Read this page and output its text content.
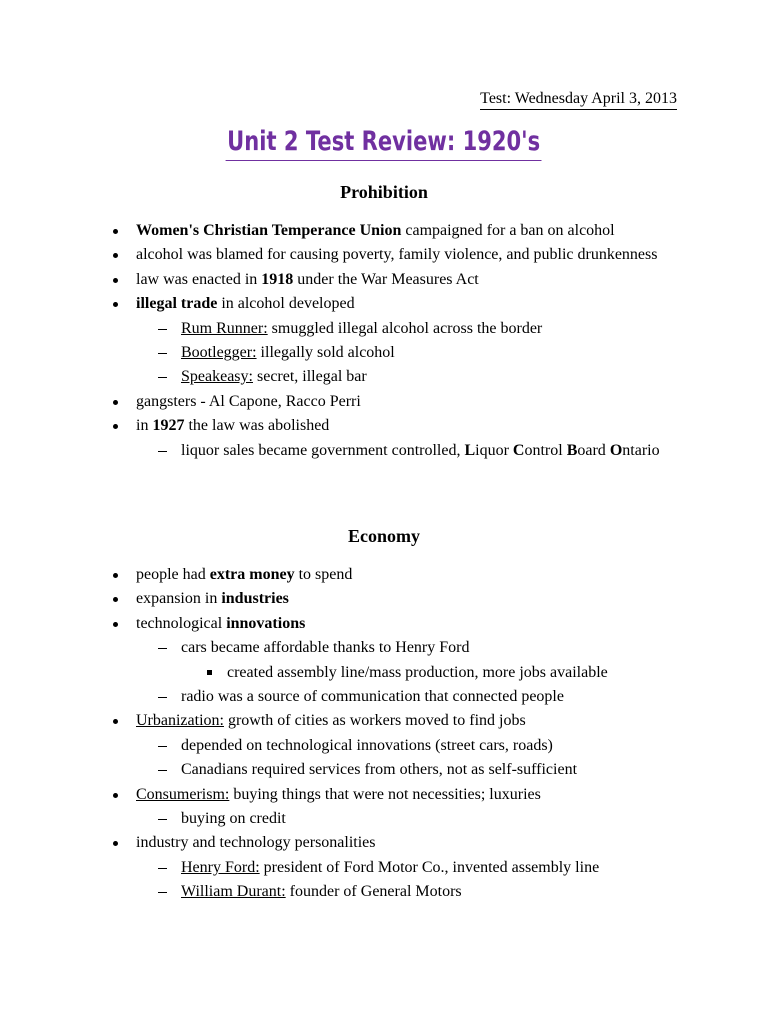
Test: Wednesday April 3, 2013
Unit 2 Test Review: 1920's
Prohibition
Women's Christian Temperance Union campaigned for a ban on alcohol
alcohol was blamed for causing poverty, family violence, and public drunkenness
law was enacted in 1918 under the War Measures Act
illegal trade in alcohol developed
Rum Runner: smuggled illegal alcohol across the border
Bootlegger: illegally sold alcohol
Speakeasy: secret, illegal bar
gangsters - Al Capone, Racco Perri
in 1927 the law was abolished
liquor sales became government controlled, Liquor Control Board Ontario
Economy
people had extra money to spend
expansion in industries
technological innovations
cars became affordable thanks to Henry Ford
created assembly line/mass production, more jobs available
radio was a source of communication that connected people
Urbanization: growth of cities as workers moved to find jobs
depended on technological innovations (street cars, roads)
Canadians required services from others, not as self-sufficient
Consumerism: buying things that were not necessities; luxuries
buying on credit
industry and technology personalities
Henry Ford: president of Ford Motor Co., invented assembly line
William Durant: founder of General Motors
